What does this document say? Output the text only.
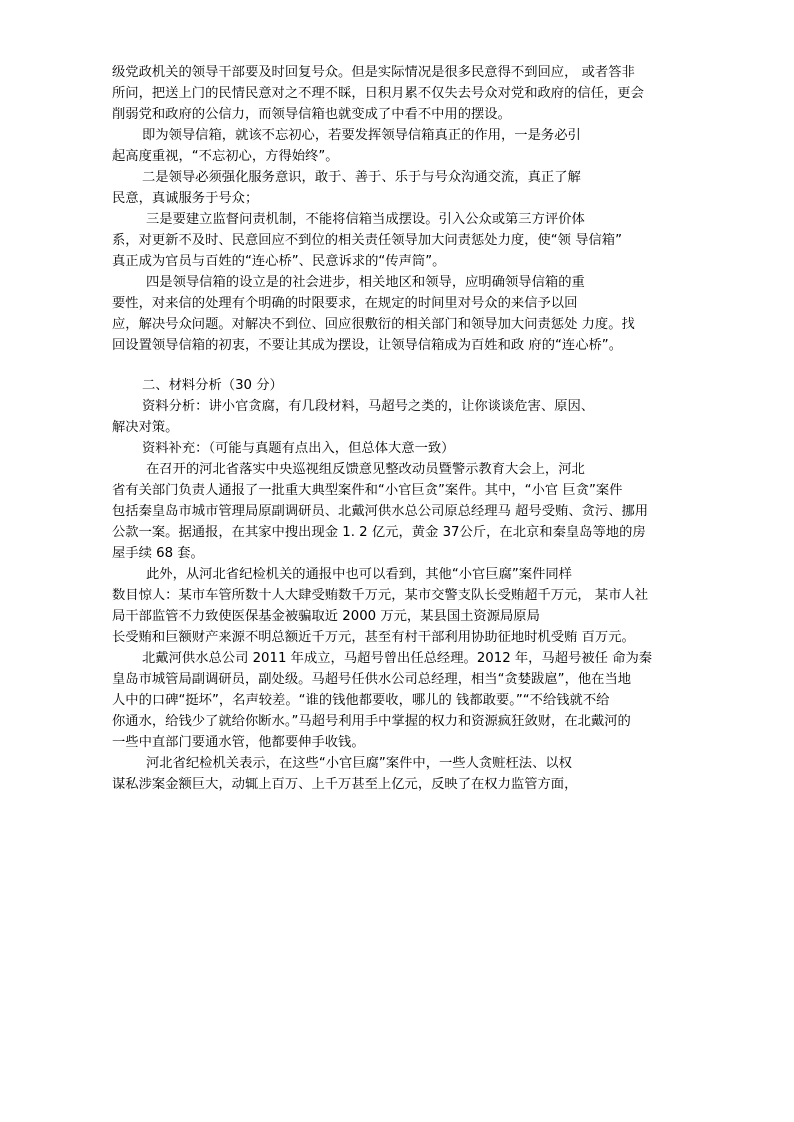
级党政机关的领导干部要及时回复号众。但是实际情况是很多民意得不到回应， 或者答非
所问，把送上门的民情民意对之不理不睬，日积月累不仅失去号众对党和政府的信任，更会
削弱党和政府的公信力，而领导信箱也就变成了中看不中用的摆设。
即为领导信箱，就该不忘初心，若要发挥领导信箱真正的作用，一是务必引
起高度重视，“不忘初心，方得始终”。
二是领导必须强化服务意识，敢于、善于、乐于与号众沟通交流，真正了解
民意，真诚服务于号众；
三是要建立监督问责机制，不能将信箱当成摆设。引入公众或第三方评价体
系，对更新不及时、民意回应不到位的相关责任领导加大问责惩处力度，使“领 导信箱”
真正成为官员与百姓的“连心桥”、民意诉求的“传声筒”。
四是领导信箱的设立是的社会进步，相关地区和领导，应明确领导信箱的重
要性，对来信的处理有个明确的时限要求，在规定的时间里对号众的来信予以回
应，解决号众问题。对解决不到位、回应很敷衍的相关部门和领导加大问责惩处 力度。找
回设置领导信箱的初衷，不要让其成为摆设，让领导信箱成为百姓和政 府的“连心桥”。
二、材料分析（30 分）
资料分析：讲小官贪腐，有几段材料，马超号之类的，让你谈谈危害、原因、
解决对策。
资料补充：（可能与真题有点出入，但总体大意一致）
在召开的河北省落实中央巡视组反馈意见整改动员暨警示教育大会上，河北
省有关部门负责人通报了一批重大典型案件和“小官巨贪”案件。其中，“小官 巨贪”案件
包括秦皇岛市城市管理局原副调研员、北戴河供水总公司原总经理马 超号受贿、贪污、挪用
公款一案。据通报，在其家中搜出现金 1. 2 亿元，黄金 37公斤，在北京和秦皇岛等地的房
屋手续 68 套。
此外，从河北省纪检机关的通报中也可以看到，其他“小官巨腐”案件同样
数目惊人：某市车管所数十人大肆受贿数千万元，某市交警支队长受贿超千万元， 某市人社
局干部监管不力致使医保基金被骗取近 2000 万元，某县国土资源局原局
长受贿和巨额财产来源不明总额近千万元，甚至有村干部利用协助征地时机受贿 百万元。
北戴河供水总公司 2011 年成立，马超号曾出任总经理。2012 年，马超号被任 命为秦
皇岛市城管局副调研员，副处级。马超号任供水公司总经理，相当“贪婪跋扈”，他在当地
人中的口碑“挺坏”，名声较差。“谁的钱他都要收，哪儿的 钱都敢要。”“不给钱就不给
你通水，给钱少了就给你断水。”马超号利用手中掌握的权力和资源疯狂敛财，在北戴河的
一些中直部门要通水管，他都要伸手收钱。
河北省纪检机关表示，在这些“小官巨腐”案件中，一些人贪赃枉法、以权
谋私涉案金额巨大，动辄上百万、上千万甚至上亿元，反映了在权力监管方面，
